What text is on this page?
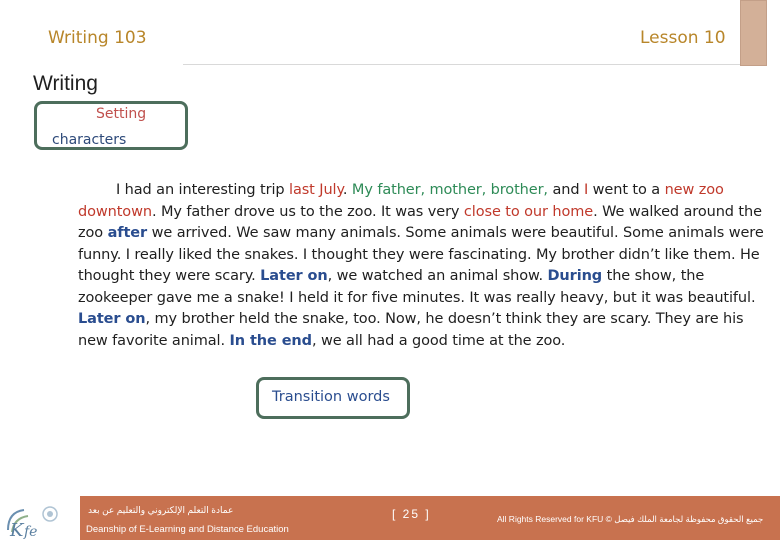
Writing 103	Lesson 10
Writing
Setting
characters
I had an interesting trip last July. My father, mother, brother, and I went to a new zoo downtown. My father drove us to the zoo. It was very close to our home. We walked around the zoo after we arrived. We saw many animals. Some animals were beautiful. Some animals were funny. I really liked the snakes. I thought they were fascinating. My brother didn’t like them. He thought they were scary. Later on, we watched an animal show. During the show, the zookeeper gave me a snake! I held it for five minutes. It was really heavy, but it was beautiful. Later on, my brother held the snake, too. Now, he doesn’t think they are scary. They are his new favorite animal. In the end, we all had a good time at the zoo.
Transition words
K fe
عمادة التعلم الإلكتروني والتعليم عن بعد
Deanship of E-Learning and Distance Education
[ 25 ]	All Rights Reserved for KFU © جميع الحقوق محفوظة لجامعة الملك فيصل
